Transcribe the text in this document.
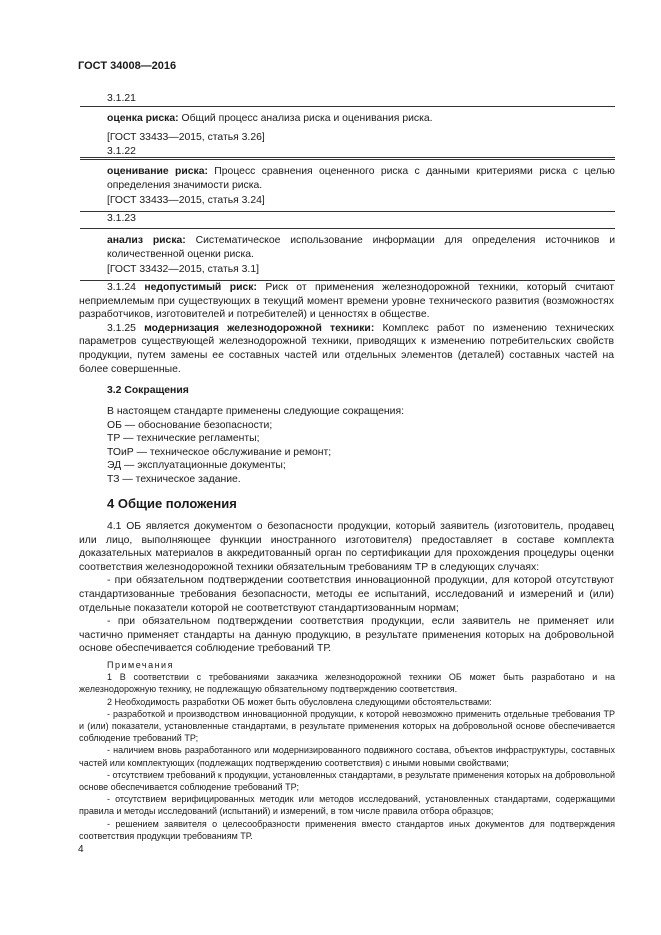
ГОСТ 34008—2016
3.1.21

оценка риска: Общий процесс анализа риска и оценивания риска.

[ГОСТ 33433—2015, статья 3.26]

3.1.22

оценивание риска: Процесс сравнения оцененного риска с данными критериями риска с целью определения значимости риска.

[ГОСТ 33433—2015, статья 3.24]

3.1.23

анализ риска: Систематическое использование информации для определения источников и количественной оценки риска.

[ГОСТ 33432—2015, статья 3.1]

3.1.24 недопустимый риск: Риск от применения железнодорожной техники, который считают неприемлемым при существующих в текущий момент времени уровне технического развития (возможностях разработчиков, изготовителей и потребителей) и ценностях в обществе.

3.1.25 модернизация железнодорожной техники: Комплекс работ по изменению технических параметров существующей железнодорожной техники, приводящих к изменению потребительских свойств продукции, путем замены ее составных частей или отдельных элементов (деталей) составных частей на более совершенные.

3.2 Сокращения

В настоящем стандарте применены следующие сокращения:

ОБ — обоснование безопасности;

ТР — технические регламенты;

ТОиР — техническое обслуживание и ремонт;

ЭД — эксплуатационные документы;

ТЗ — техническое задание.

4 Общие положения

4.1 ОБ является документом о безопасности продукции, который заявитель (изготовитель, продавец или лицо, выполняющее функции иностранного изготовителя) предоставляет в составе комплекта доказательных материалов в аккредитованный орган по сертификации для прохождения процедуры оценки соответствия железнодорожной техники обязательным требованиям ТР в следующих случаях:

- при обязательном подтверждении соответствия инновационной продукции, для которой отсутствуют стандартизованные требования безопасности, методы ее испытаний, исследований и измерений и (или) отдельные показатели которой не соответствуют стандартизованным нормам;

- при обязательном подтверждении соответствия продукции, если заявитель не применяет или частично применяет стандарты на данную продукцию, в результате применения которых на добровольной основе обеспечивается соблюдение требований ТР.

Примечания

1 В соответствии с требованиями заказчика железнодорожной техники ОБ может быть разработано и на железнодорожную технику, не подлежащую обязательному подтверждению соответствия.

2 Необходимость разработки ОБ может быть обусловлена следующими обстоятельствами:

- разработкой и производством инновационной продукции, к которой невозможно применить отдельные требования ТР и (или) показатели, установленные стандартами, в результате применения которых на добровольной основе обеспечивается соблюдение требований ТР;

- наличием вновь разработанного или модернизированного подвижного состава, объектов инфраструктуры, составных частей или комплектующих (подлежащих подтверждению соответствия) с иными новыми свойствами;

- отсутствием требований к продукции, установленных стандартами, в результате применения которых на добровольной основе обеспечивается соблюдение требований ТР;

- отсутствием верифицированных методик или методов исследований, установленных стандартами, содержащими правила и методы исследований (испытаний) и измерений, в том числе правила отбора образцов;

- решением заявителя о целесообразности применения вместо стандартов иных документов для подтверждения соответствия продукции требованиям ТР.

4
